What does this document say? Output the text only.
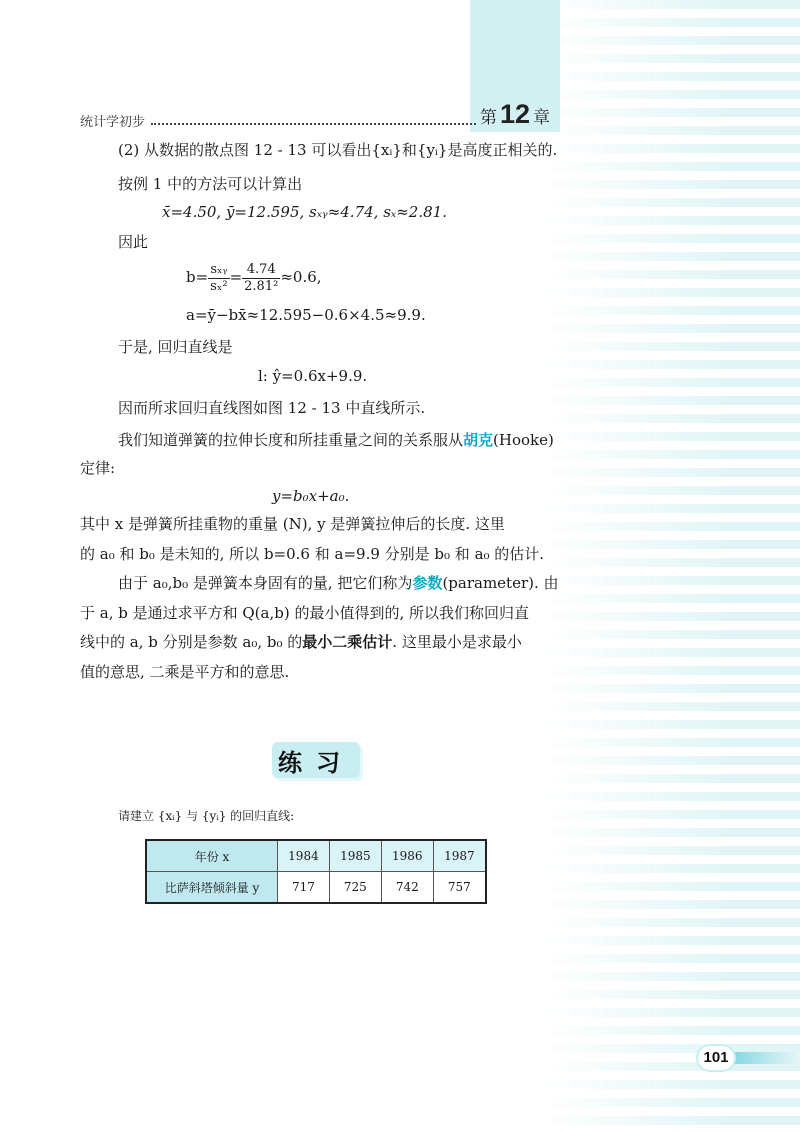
统计学初步	第 12 章
(2) 从数据的散点图 12 - 13 可以看出{xᵢ}和{yᵢ}是高度正相关的.
按例 1 中的方法可以计算出
x̄=4.50, ȳ=12.595, sₓᵧ≈4.74, sₓ≈2.81.
因此
$b= \frac{\text{sₓᵧ}}{\text{sₓ²}} = \frac{4.74}{\text{2.81²}} \approx 0.6$,
a=ȳ−bx̄≈12.595−0.6×4.5≈9.9.
于是, 回归直线是
l: ŷ=0.6x+9.9.
因而所求回归直线图如图 12 - 13 中直线所示.
我们知道弹簧的拉伸长度和所挂重量之间的关系服从胡克(Hooke)
定律:
y=b₀x+a₀.
其中 x 是弹簧所挂重物的重量 (N), y 是弹簧拉伸后的长度. 这里
的 a₀ 和 b₀ 是未知的, 所以 b=0.6 和 a=9.9 分别是 b₀ 和 a₀ 的估计.
由于 a₀,b₀ 是弹簧本身固有的量, 把它们称为参数(parameter). 由
于 a, b 是通过求平方和 Q(a,b) 的最小值得到的, 所以我们称回归直
线中的 a, b 分别是参数 a₀, b₀ 的最小二乘估计. 这里最小是求最小
值的意思, 二乘是平方和的意思.
练习
请建立 {xᵢ} 与 {yᵢ} 的回归直线:
年份 x	1984	1985	1986	1987
比萨斜塔倾斜量 y	717	725	742	757
101
